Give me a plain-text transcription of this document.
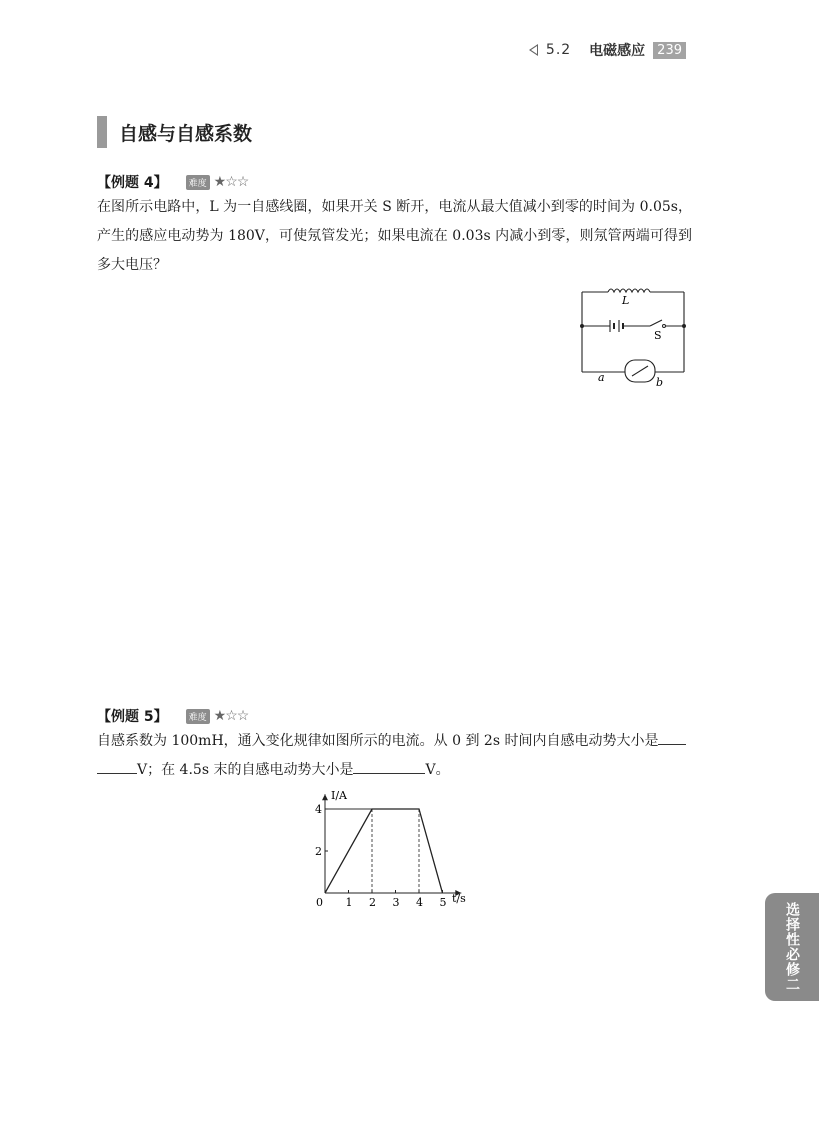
5.2 电磁感应 239
自感与自感系数
【例题 4】	难度 ★☆☆
在图所示电路中，L 为一自感线圈，如果开关 S 断开，电流从最大值减小到零的时间为 0.05s，产生的感应电动势为 180V，可使氖管发光；如果电流在 0.03s 内减小到零，则氖管两端可得到多大电压？
L
S
a	b
【例题 5】	难度 ★☆☆
自感系数为 100mH，通入变化规律如图所示的电流。从 0 到 2s 时间内自感电动势大小是
V；在 4.5s 末的自感电动势大小是	V。
0 1 2 3 4 5
2
4
I/A
t/s
选择性必修二
